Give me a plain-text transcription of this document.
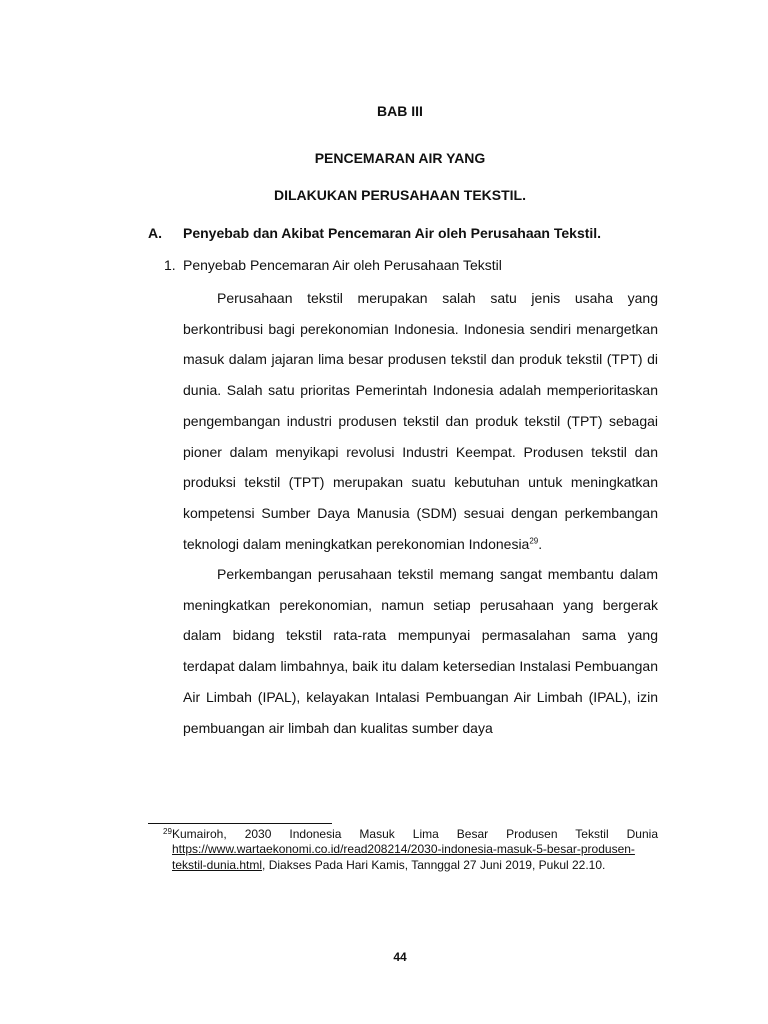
BAB III
PENCEMARAN AIR YANG
DILAKUKAN PERUSAHAAN TEKSTIL.
A. Penyebab dan Akibat Pencemaran Air oleh Perusahaan Tekstil.
1. Penyebab Pencemaran Air oleh Perusahaan Tekstil

Perusahaan tekstil merupakan salah satu jenis usaha yang berkontribusi bagi perekonomian Indonesia. Indonesia sendiri menargetkan masuk dalam jajaran lima besar produsen tekstil dan produk tekstil (TPT) di dunia. Salah satu prioritas Pemerintah Indonesia adalah memperioritaskan pengembangan industri produsen tekstil dan produk tekstil (TPT) sebagai pioner dalam menyikapi revolusi Industri Keempat. Produsen tekstil dan produksi tekstil (TPT) merupakan suatu kebutuhan untuk meningkatkan kompetensi Sumber Daya Manusia (SDM) sesuai dengan perkembangan teknologi dalam meningkatkan perekonomian Indonesia$^{29}$.

Perkembangan perusahaan tekstil memang sangat membantu dalam meningkatkan perekonomian, namun setiap perusahaan yang bergerak dalam bidang tekstil rata-rata mempunyai permasalahan sama yang terdapat dalam limbahnya, baik itu dalam ketersedian Instalasi Pembuangan Air Limbah (IPAL), kelayakan Intalasi Pembuangan Air Limbah (IPAL), izin pembuangan air limbah dan kualitas sumber daya

29 Kumairoh, 2030 Indonesia Masuk Lima Besar Produsen Tekstil Dunia https://www.wartaekonomi.co.id/read208214/2030-indonesia-masuk-5-besar-produsen-tekstil-dunia.html, Diakses Pada Hari Kamis, Tannggal 27 Juni 2019, Pukul 22.10.
44
